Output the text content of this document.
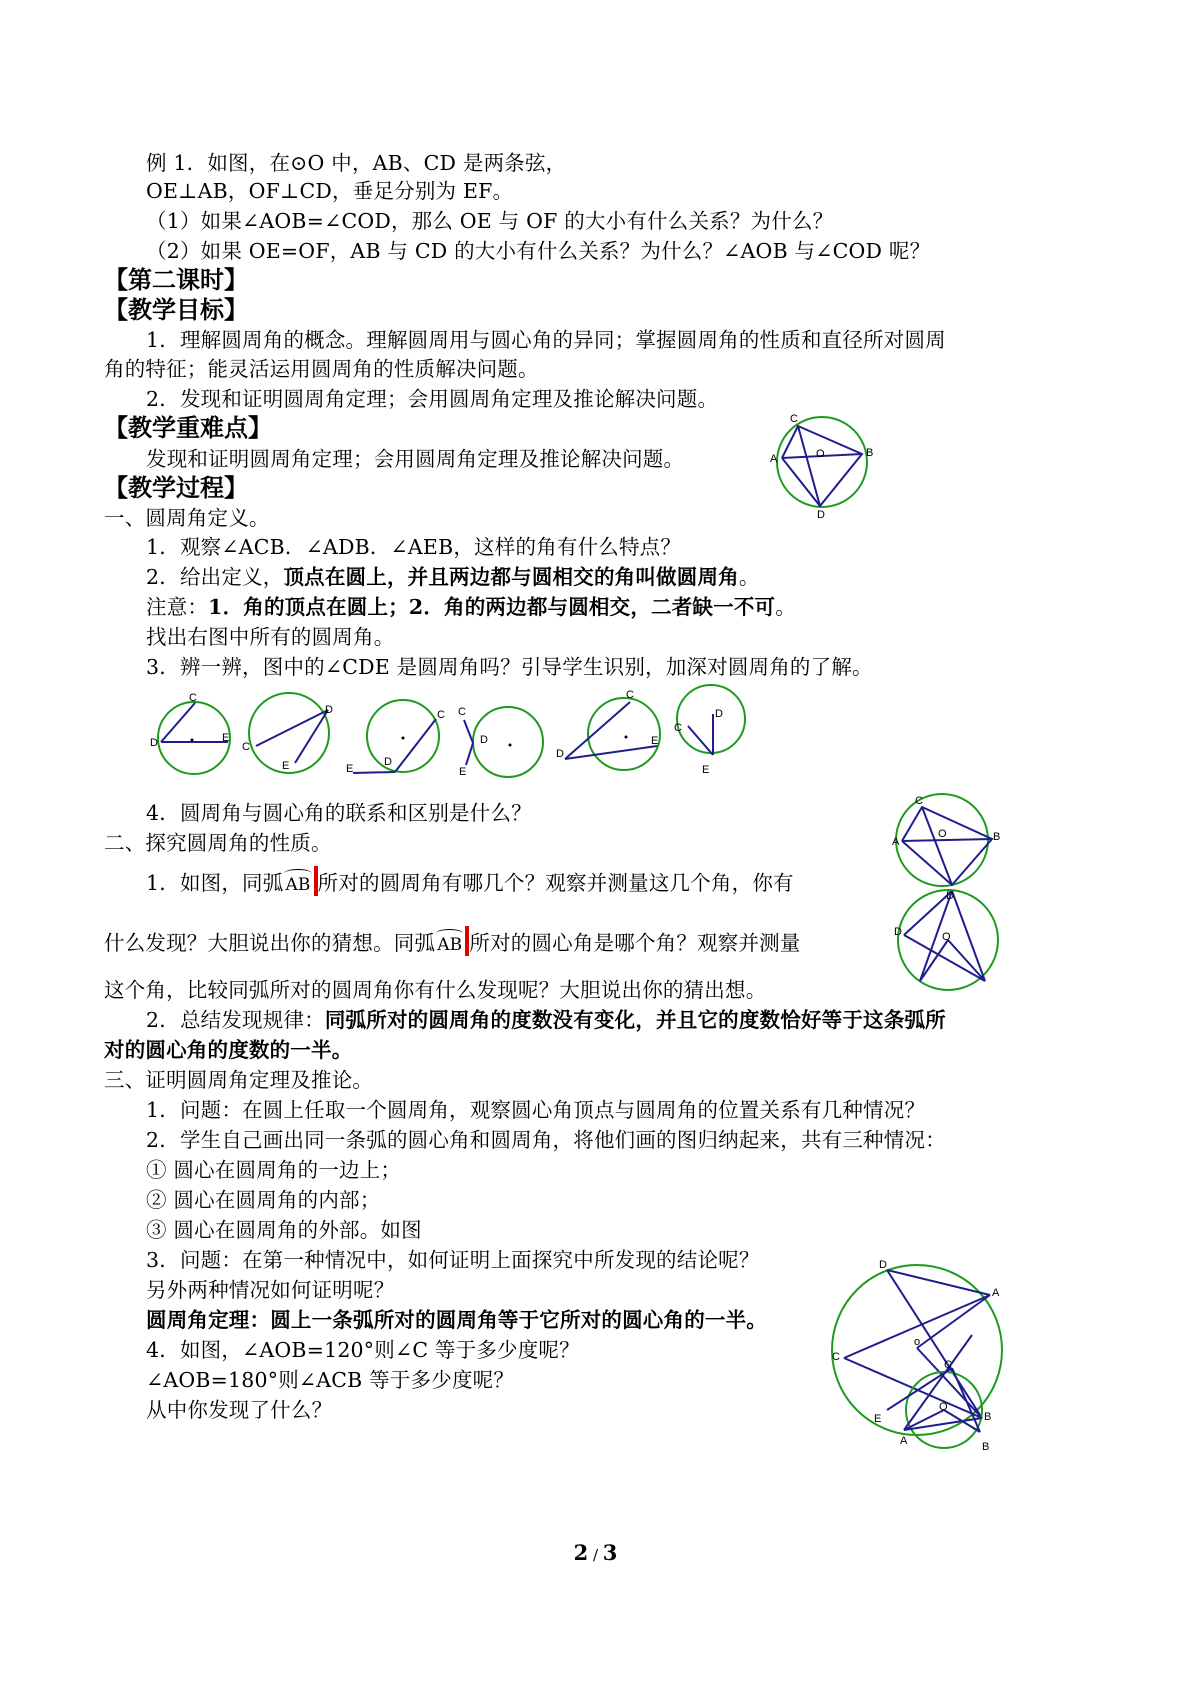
例 1．如图，在⊙O 中，AB、CD 是两条弦，
OE⊥AB，OF⊥CD，垂足分别为 EF。
（1）如果∠AOB=∠COD，那么 OE 与 OF 的大小有什么关系？为什么？
（2）如果 OE=OF，AB 与 CD 的大小有什么关系？为什么？∠AOB 与∠COD 呢？
【第二课时】
【教学目标】
1．理解圆周角的概念。理解圆周用与圆心角的异同；掌握圆周角的性质和直径所对圆周
角的特征；能灵活运用圆周角的性质解决问题。
2．发现和证明圆周角定理；会用圆周角定理及推论解决问题。
【教学重难点】
发现和证明圆周角定理；会用圆周角定理及推论解决问题。
【教学过程】
一、圆周角定义。
1．观察∠ACB．∠ADB．∠AEB，这样的角有什么特点？
2．给出定义，顶点在圆上，并且两边都与圆相交的角叫做圆周角。
注意：1．角的顶点在圆上；2．角的两边都与圆相交，二者缺一不可。
找出右图中所有的圆周角。
3．辨一辨，图中的∠CDE 是圆周角吗？引导学生识别，加深对圆周角的了解。
C
A	B
O
D
C
D	E
D
C
E
C
D
E
C
D
E
C
D
E
D
C
E
4．圆周角与圆心角的联系和区别是什么？
二、探究圆周角的性质。
1．如图，同弧 AB 所对的圆周角有哪几个？观察并测量这几个角，你有
什么发现？大胆说出你的猜想。同弧 AB 所对的圆心角是哪个角？观察并测量
这个角，比较同弧所对的圆周角你有什么发现呢？大胆说出你的猜出想。
2．总结发现规律：同弧所对的圆周角的度数没有变化，并且它的度数恰好等于这条弧所
对的圆心角的度数的一半。
C
A	B
O
D
D	O
三、证明圆周角定理及推论。
1．问题：在圆上任取一个圆周角，观察圆心角顶点与圆周角的位置关系有几种情况？
2．学生自己画出同一条弧的圆心角和圆周角，将他们画的图归纳起来，共有三种情况：
① 圆心在圆周角的一边上；
② 圆心在圆周角的内部；
③ 圆心在圆周角的外部。如图
3．问题：在第一种情况中，如何证明上面探究中所发现的结论呢？
另外两种情况如何证明呢？
圆周角定理：圆上一条弧所对的圆周角等于它所对的圆心角的一半。
4．如图，∠AOB=120°则∠C 等于多少度呢？
∠AOB=180°则∠ACB 等于多少度呢？
从中你发现了什么？
D
A
o
C
C
O
E
A
B
B
2 / 3
